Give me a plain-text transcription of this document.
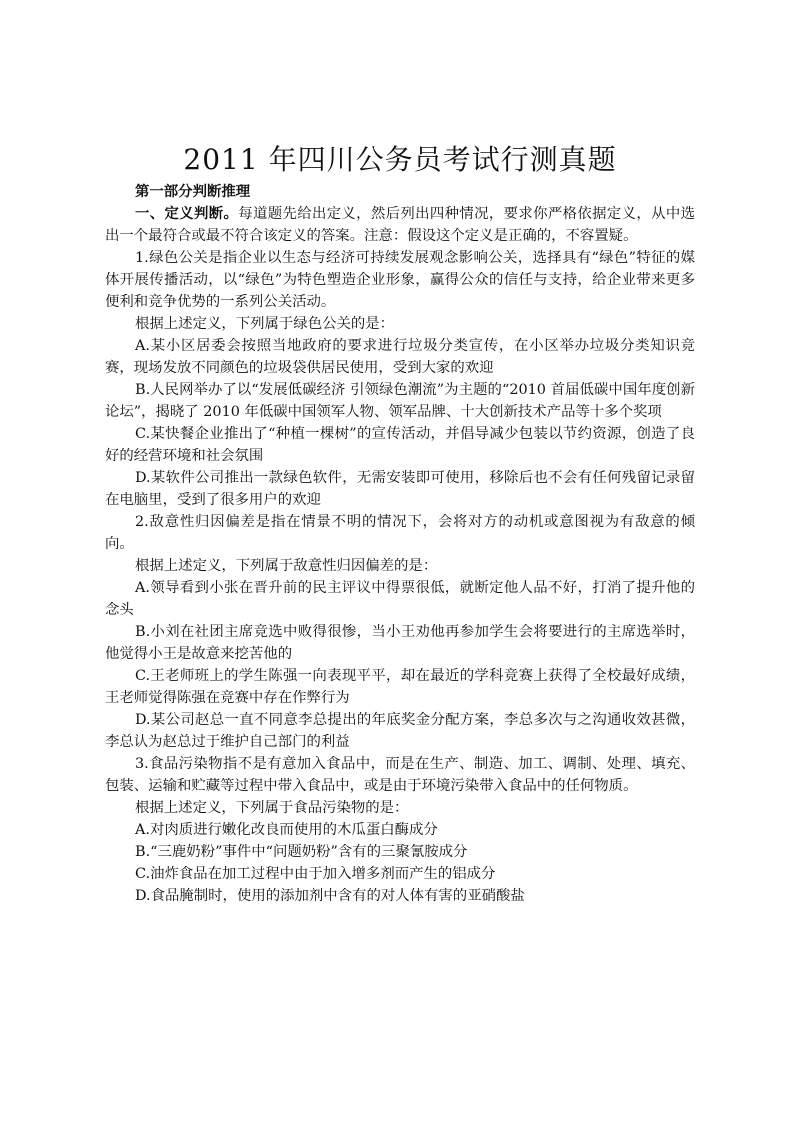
2011 年四川公务员考试行测真题

第一部分判断推理

一、定义判断。每道题先给出定义，然后列出四种情况，要求你严格依据定义，从中选出一个最符合或最不符合该定义的答案。注意：假设这个定义是正确的，不容置疑。

1.绿色公关是指企业以生态与经济可持续发展观念影响公关，选择具有“绿色”特征的媒体开展传播活动，以“绿色”为特色塑造企业形象，赢得公众的信任与支持，给企业带来更多便利和竞争优势的一系列公关活动。

根据上述定义，下列属于绿色公关的是：

A.某小区居委会按照当地政府的要求进行垃圾分类宣传，在小区举办垃圾分类知识竞赛，现场发放不同颜色的垃圾袋供居民使用，受到大家的欢迎

B.人民网举办了以“发展低碳经济 引领绿色潮流”为主题的“2010 首届低碳中国年度创新论坛”，揭晓了 2010 年低碳中国领军人物、领军品牌、十大创新技术产品等十多个奖项

C.某快餐企业推出了“种植一棵树”的宣传活动，并倡导减少包装以节约资源，创造了良好的经营环境和社会氛围

D.某软件公司推出一款绿色软件，无需安装即可使用，移除后也不会有任何残留记录留在电脑里，受到了很多用户的欢迎

2.敌意性归因偏差是指在情景不明的情况下，会将对方的动机或意图视为有敌意的倾向。

根据上述定义，下列属于敌意性归因偏差的是：

A.领导看到小张在晋升前的民主评议中得票很低，就断定他人品不好，打消了提升他的念头

B.小刘在社团主席竞选中败得很惨，当小王劝他再参加学生会将要进行的主席选举时，他觉得小王是故意来挖苦他的

C.王老师班上的学生陈强一向表现平平，却在最近的学科竞赛上获得了全校最好成绩，王老师觉得陈强在竞赛中存在作弊行为

D.某公司赵总一直不同意李总提出的年底奖金分配方案，李总多次与之沟通收效甚微，李总认为赵总过于维护自己部门的利益

3.食品污染物指不是有意加入食品中，而是在生产、制造、加工、调制、处理、填充、包装、运输和贮藏等过程中带入食品中，或是由于环境污染带入食品中的任何物质。

根据上述定义，下列属于食品污染物的是：

A.对肉质进行嫩化改良而使用的木瓜蛋白酶成分

B.“三鹿奶粉”事件中“问题奶粉”含有的三聚氰胺成分

C.油炸食品在加工过程中由于加入增多剂而产生的铝成分

D.食品腌制时，使用的添加剂中含有的对人体有害的亚硝酸盐
